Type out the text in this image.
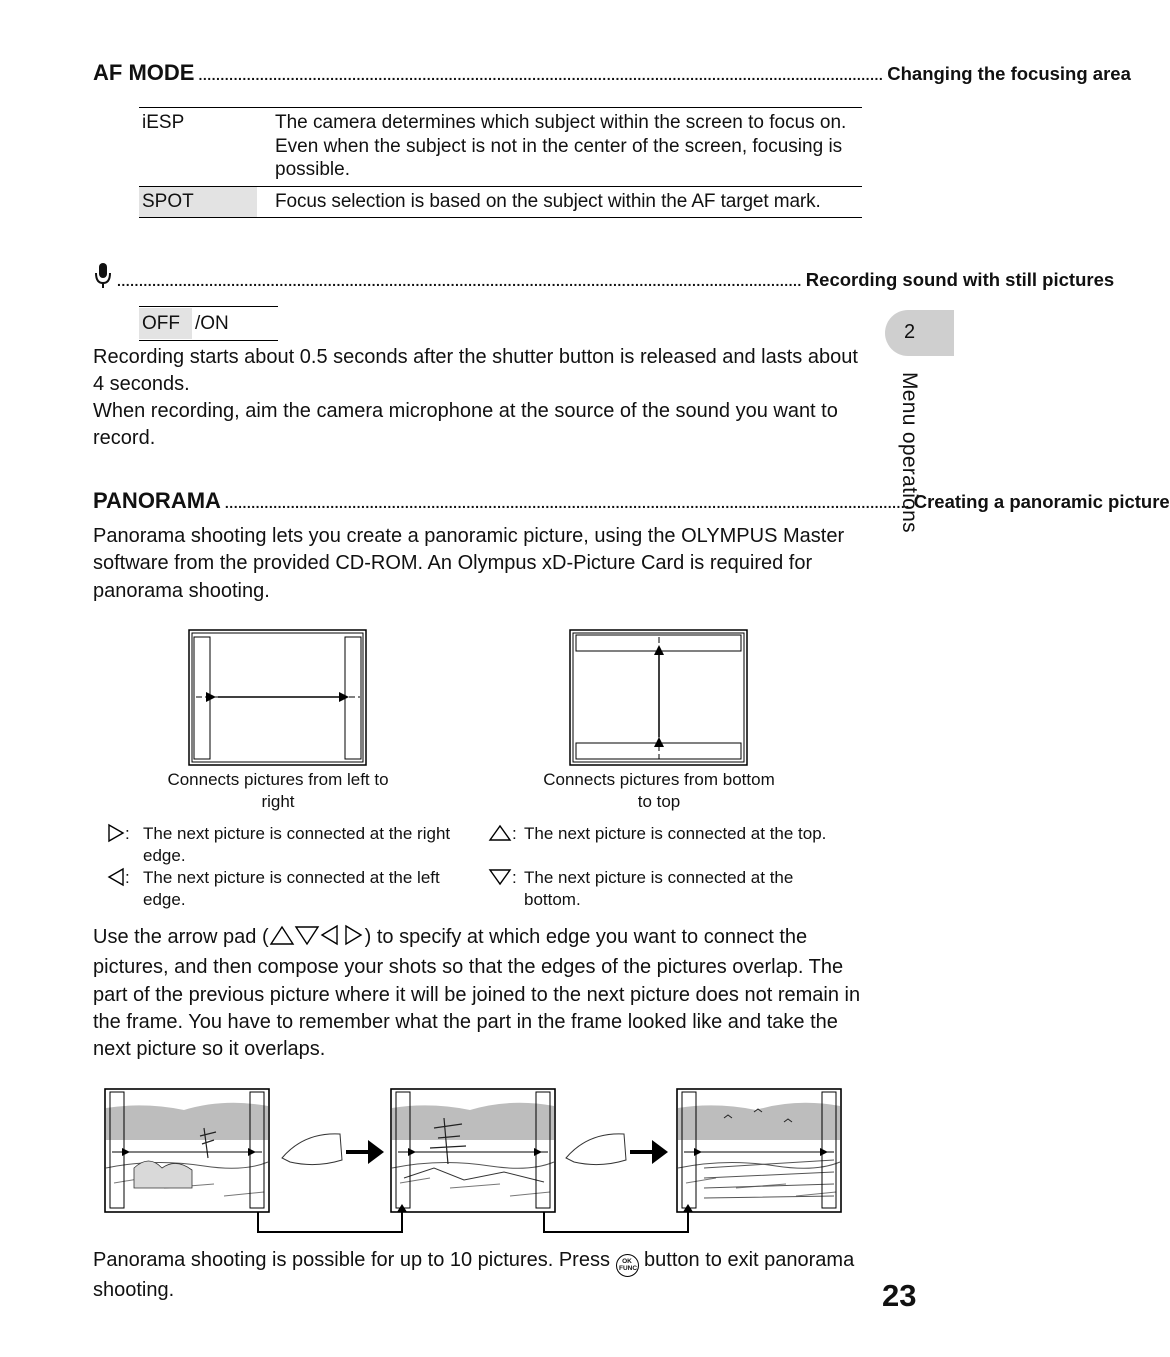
AF MODE ............................................................................................................................................................ Changing the focusing area
iESP	The camera determines which subject within the screen to focus on. Even when the subject is not in the center of the screen, focusing is possible.
SPOT	Focus selection is based on the subject within the AF target mark.
............................................................................................................................................................ Recording sound with still pictures
OFF /ON
Recording starts about 0.5 seconds after the shutter button is released and lasts about 4 seconds.
When recording, aim the camera microphone at the source of the sound you want to record.
PANORAMA ............................................................................................................................................................ Creating a panoramic picture
Panorama shooting lets you create a panoramic picture, using the OLYMPUS Master software from the provided CD-ROM. An Olympus xD-Picture Card is required for panorama shooting.
Connects pictures from left to right
Connects pictures from bottom to top
: The next picture is connected at the right edge.
: The next picture is connected at the left edge.
: The next picture is connected at the top.
: The next picture is connected at the bottom.
Use the arrow pad (	) to specify at which edge you want to connect the pictures, and then compose your shots so that the edges of the pictures overlap. The part of the previous picture where it will be joined to the next picture does not remain in the frame. You have to remember what the part in the frame looked like and take the next picture so it overlaps.
Panorama shooting is possible for up to 10 pictures. Press	OK FUNC button to exit panorama shooting.
2
Menu operations
23
